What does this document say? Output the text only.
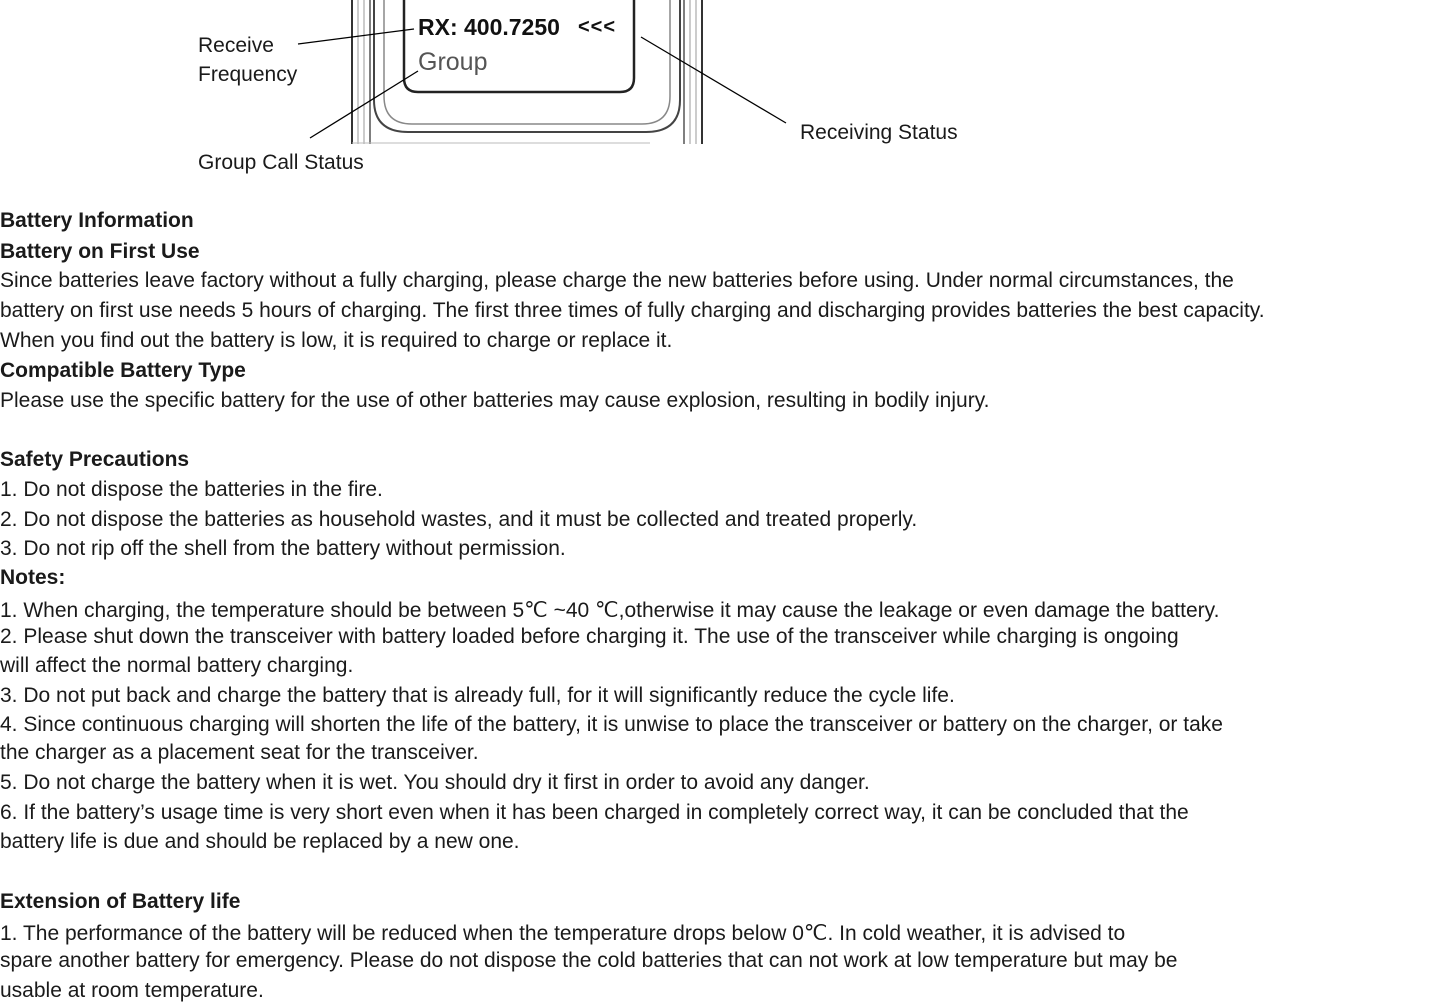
RX: 400.7250 <<<
Group
Receive
Frequency
Group Call Status
Receiving Status
Battery Information
Battery on First Use
Since batteries leave factory without a fully charging, please charge the new batteries before using. Under normal circumstances, the
battery on first use needs 5 hours of charging. The first three times of fully charging and discharging provides batteries the best capacity.
When you find out the battery is low, it is required to charge or replace it.
Compatible Battery Type
Please use the specific battery for the use of other batteries may cause explosion, resulting in bodily injury.
Safety Precautions
1. Do not dispose the batteries in the fire.
2. Do not dispose the batteries as household wastes, and it must be collected and treated properly.
3. Do not rip off the shell from the battery without permission.
Notes:
1. When charging, the temperature should be between 5℃ ~40 ℃,otherwise it may cause the leakage or even damage the battery.
2. Please shut down the transceiver with battery loaded before charging it. The use of the transceiver while charging is ongoing
will affect the normal battery charging.
3. Do not put back and charge the battery that is already full, for it will significantly reduce the cycle life.
4. Since continuous charging will shorten the life of the battery, it is unwise to place the transceiver or battery on the charger, or take
the charger as a placement seat for the transceiver.
5. Do not charge the battery when it is wet. You should dry it first in order to avoid any danger.
6. If the battery’s usage time is very short even when it has been charged in completely correct way, it can be concluded that the
battery life is due and should be replaced by a new one.
Extension of Battery life
1. The performance of the battery will be reduced when the temperature drops below 0℃. In cold weather, it is advised to
spare another battery for emergency. Please do not dispose the cold batteries that can not work at low temperature but may be
usable at room temperature.
